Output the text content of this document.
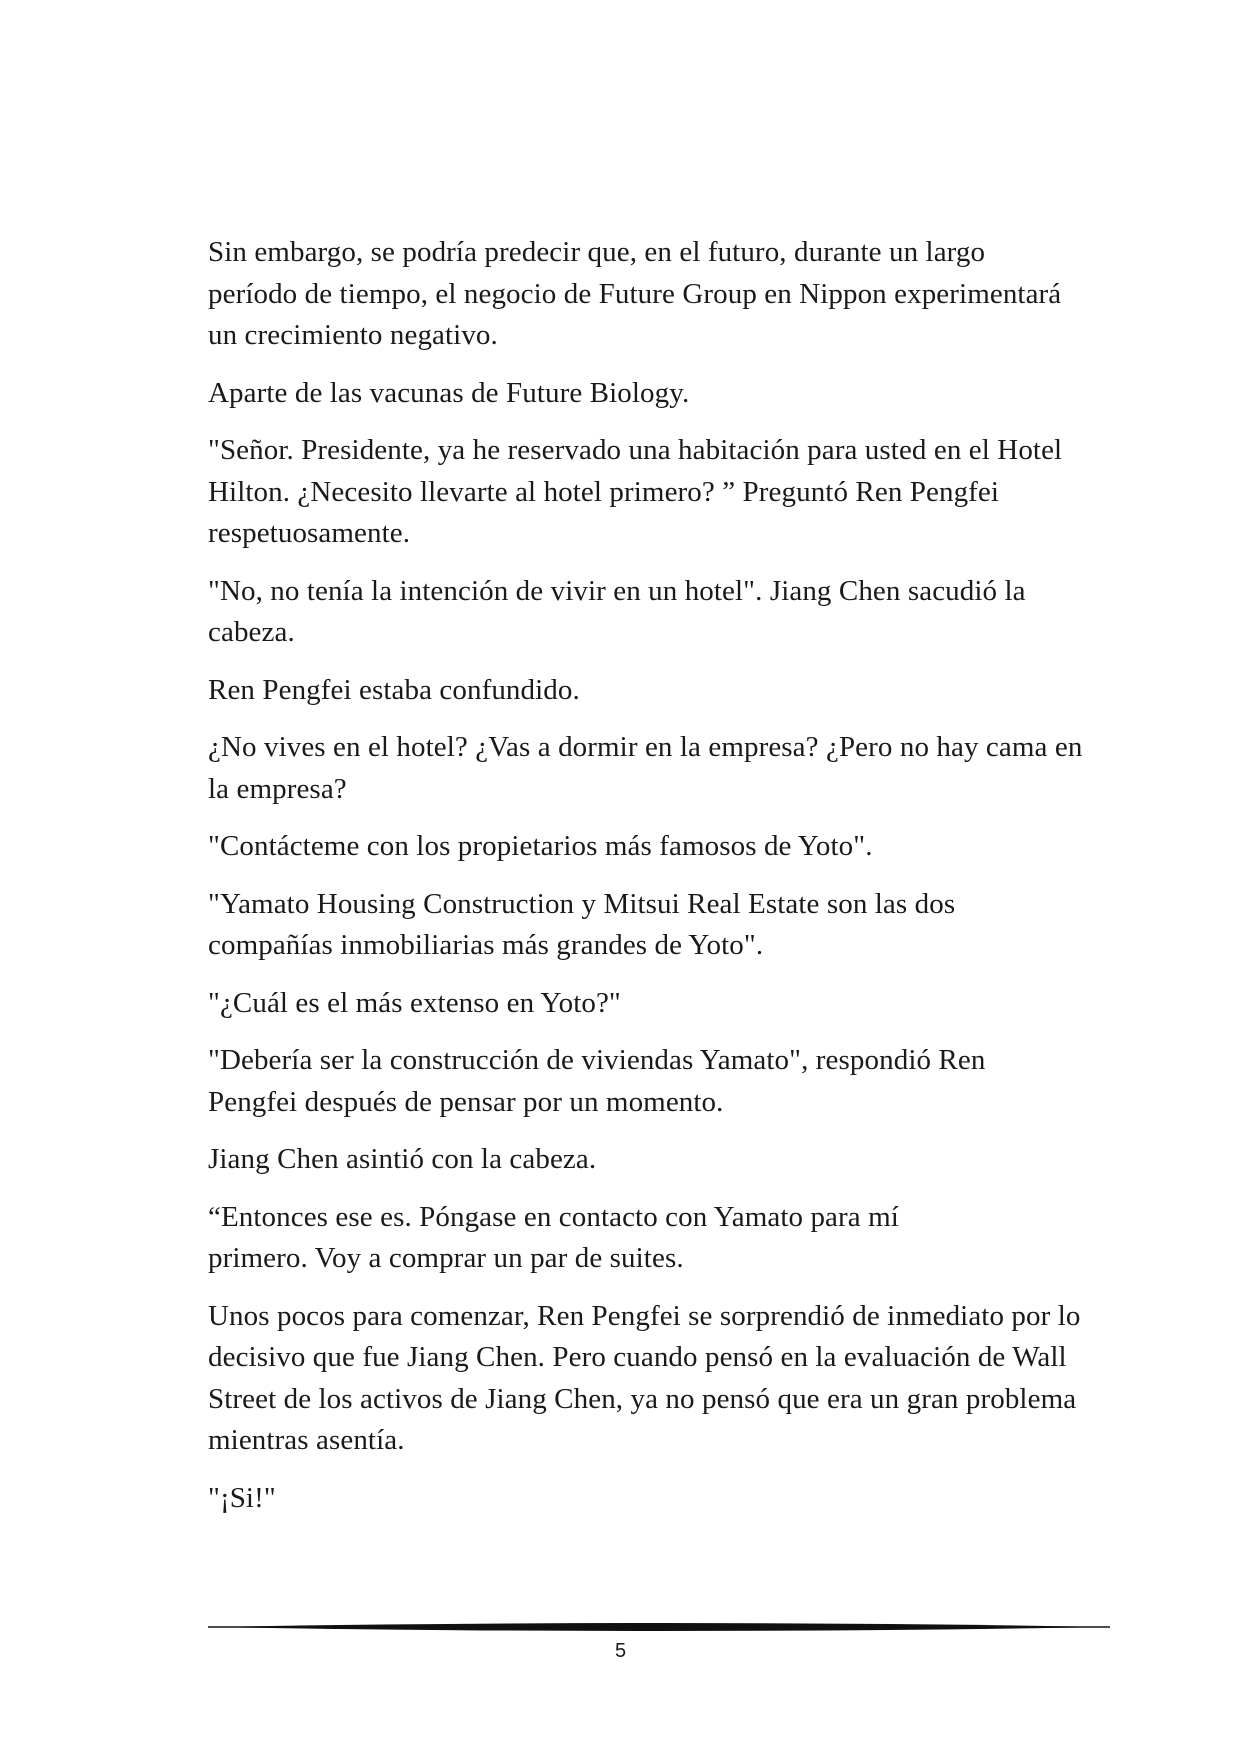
Sin embargo, se podría predecir que, en el futuro, durante un largo período de tiempo, el negocio de Future Group en Nippon experimentará un crecimiento negativo.

Aparte de las vacunas de Future Biology.

"Señor. Presidente, ya he reservado una habitación para usted en el Hotel Hilton. ¿Necesito llevarte al hotel primero? ” Preguntó Ren Pengfei respetuosamente.

"No, no tenía la intención de vivir en un hotel". Jiang Chen sacudió la cabeza.

Ren Pengfei estaba confundido.

¿No vives en el hotel? ¿Vas a dormir en la empresa? ¿Pero no hay cama en la empresa?

"Contácteme con los propietarios más famosos de Yoto".

"Yamato Housing Construction y Mitsui Real Estate son las dos compañías inmobiliarias más grandes de Yoto".

"¿Cuál es el más extenso en Yoto?"

"Debería ser la construcción de viviendas Yamato", respondió Ren Pengfei después de pensar por un momento.

Jiang Chen asintió con la cabeza.

“Entonces ese es. Póngase en contacto con Yamato para mí primero. Voy a comprar un par de suites.

Unos pocos para comenzar, Ren Pengfei se sorprendió de inmediato por lo decisivo que fue Jiang Chen. Pero cuando pensó en la evaluación de Wall Street de los activos de Jiang Chen, ya no pensó que era un gran problema mientras asentía.

"¡Si!"

5
